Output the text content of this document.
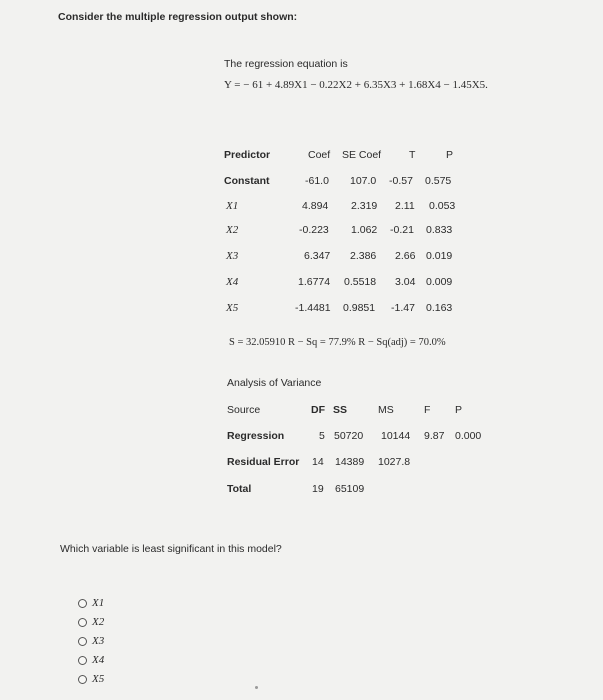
Consider the multiple regression output shown:
The regression equation is
Y = − 61 + 4.89X1 − 0.22X2 + 6.35X3 + 1.68X4 − 1.45X5.
Predictor	Coef SE Coef	T	P
Constant	-61.0 107.0 -0.57 0.575
X1	4.894 2.319 2.11 0.053
X2	-0.223 1.062 -0.21 0.833
X3	6.347 2.386 2.66 0.019
X4	1.6774 0.5518 3.04 0.009
X5	-1.4481 0.9851 -1.47 0.163
S = 32.05910 R − Sq = 77.9% R − Sq(adj) = 70.0%
Analysis of Variance
Source	DF SS	MS	F P
Regression	5 50720 10144 9.87 0.000
Residual Error 14 14389 1027.8
Total	19 65109
Which variable is least significant in this model?
X1
X2
X3
X4
X5
